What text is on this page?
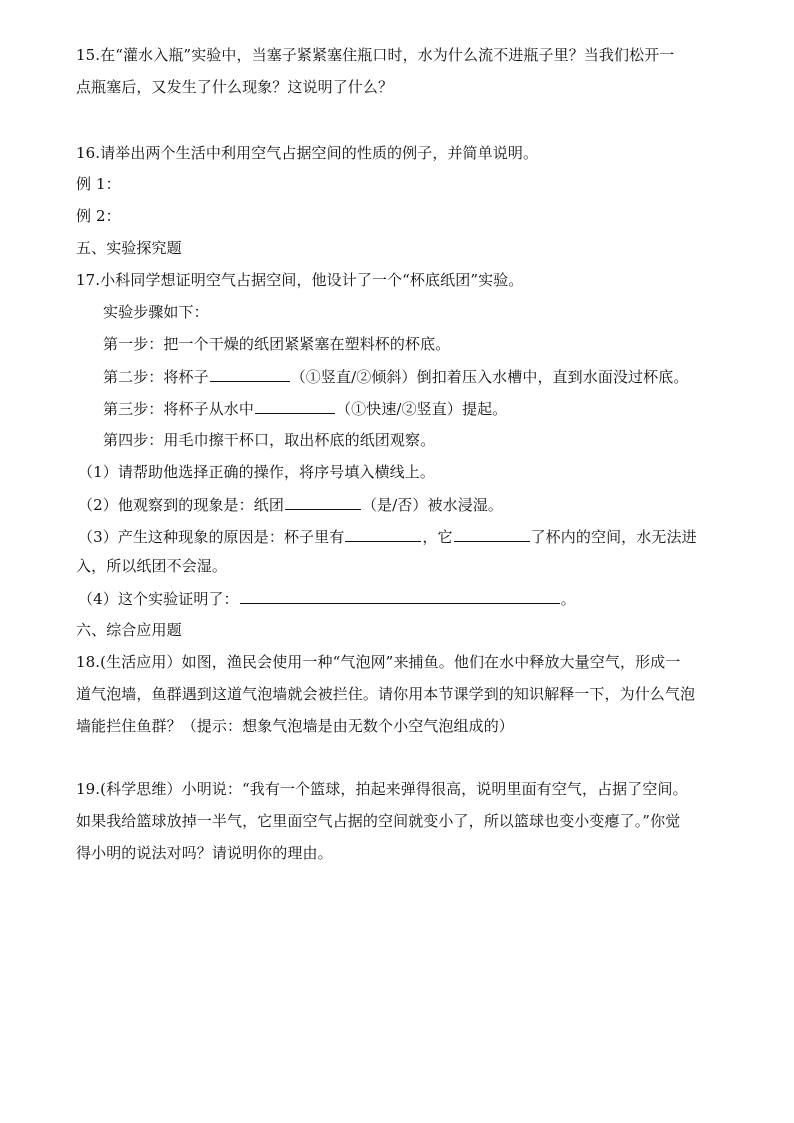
15.在“灌水入瓶”实验中，当塞子紧紧塞住瓶口时，水为什么流不进瓶子里？当我们松开一
点瓶塞后，又发生了什么现象？这说明了什么？
16.请举出两个生活中利用空气占据空间的性质的例子，并简单说明。
例 1：
例 2：
五、实验探究题
17.小科同学想证明空气占据空间，他设计了一个“杯底纸团”实验。
实验步骤如下：
第一步：把一个干燥的纸团紧紧塞在塑料杯的杯底。
第二步：将杯子	（①竖直/②倾斜）倒扣着压入水槽中，直到水面没过杯底。
第三步：将杯子从水中	（①快速/②竖直）提起。
第四步：用毛巾擦干杯口，取出杯底的纸团观察。
（1）请帮助他选择正确的操作，将序号填入横线上。
（2）他观察到的现象是：纸团	（是/否）被水浸湿。
（3）产生这种现象的原因是：杯子里有	，它	了杯内的空间，水无法进
入，所以纸团不会湿。
（4）这个实验证明了：	。
六、综合应用题
18.(生活应用）如图，渔民会使用一种“气泡网”来捕鱼。他们在水中释放大量空气，形成一
道气泡墙，鱼群遇到这道气泡墙就会被拦住。请你用本节课学到的知识解释一下，为什么气泡
墙能拦住鱼群？（提示：想象气泡墙是由无数个小空气泡组成的）
19.(科学思维）小明说：“我有一个篮球，拍起来弹得很高，说明里面有空气，占据了空间。
如果我给篮球放掉一半气，它里面空气占据的空间就变小了，所以篮球也变小变瘪了。”你觉
得小明的说法对吗？请说明你的理由。
